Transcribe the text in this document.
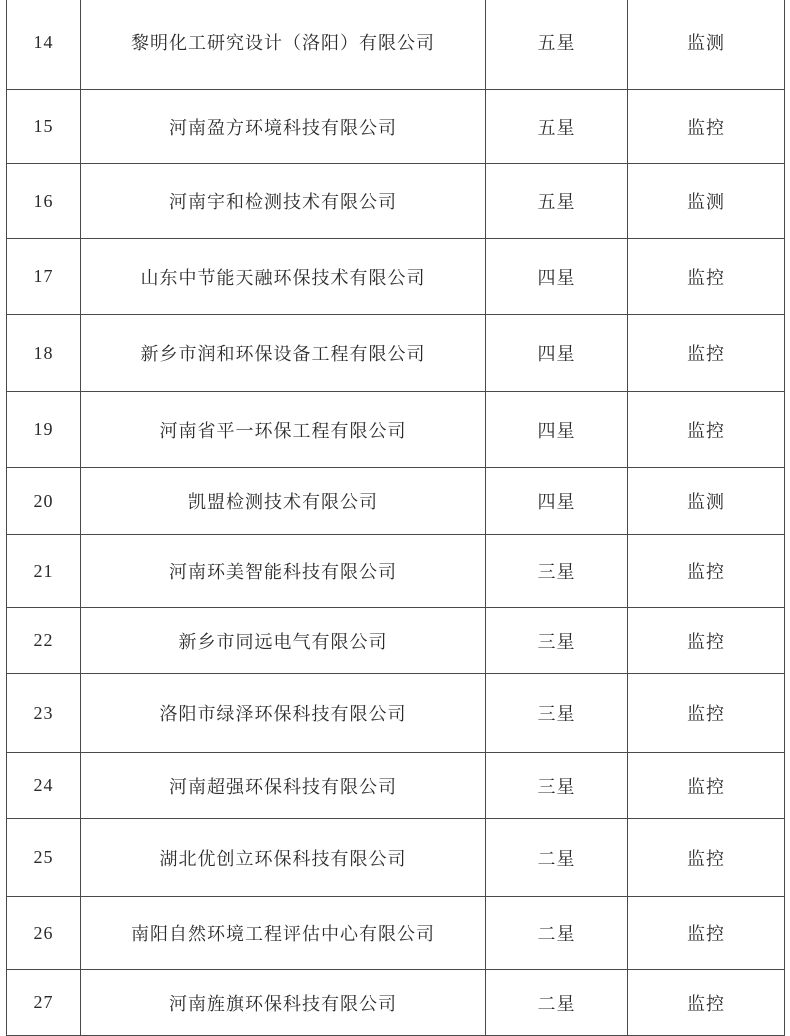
14	黎明化工研究设计（洛阳）有限公司	五星	监测
15	河南盈方环境科技有限公司	五星	监控
16	河南宇和检测技术有限公司	五星	监测
17	山东中节能天融环保技术有限公司	四星	监控
18	新乡市润和环保设备工程有限公司	四星	监控
19	河南省平一环保工程有限公司	四星	监控
20	凯盟检测技术有限公司	四星	监测
21	河南环美智能科技有限公司	三星	监控
22	新乡市同远电气有限公司	三星	监控
23	洛阳市绿泽环保科技有限公司	三星	监控
24	河南超强环保科技有限公司	三星	监控
25	湖北优创立环保科技有限公司	二星	监控
26	南阳自然环境工程评估中心有限公司	二星	监控
27	河南旌旗环保科技有限公司	二星	监控
